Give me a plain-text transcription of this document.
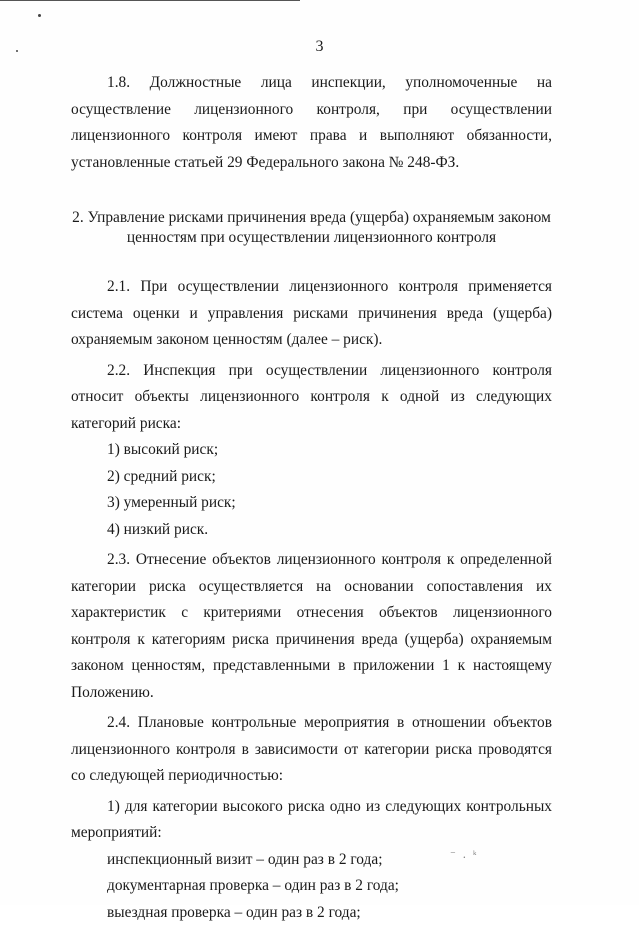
3

1.8. Должностные лица инспекции, уполномоченные на осуществление лицензионного контроля, при осуществлении лицензионного контроля имеют права и выполняют обязанности, установленные статьей 29 Федерального закона № 248-ФЗ.

2. Управление рисками причинения вреда (ущерба) охраняемым законом ценностям при осуществлении лицензионного контроля

2.1. При осуществлении лицензионного контроля применяется система оценки и управления рисками причинения вреда (ущерба) охраняемым законом ценностям (далее – риск).

2.2. Инспекция при осуществлении лицензионного контроля относит объекты лицензионного контроля к одной из следующих категорий риска:

1) высокий риск;

2) средний риск;

3) умеренный риск;

4) низкий риск.

2.3. Отнесение объектов лицензионного контроля к определенной категории риска осуществляется на основании сопоставления их характеристик с критериями отнесения объектов лицензионного контроля к категориям риска причинения вреда (ущерба) охраняемым законом ценностям, представленными в приложении 1 к настоящему Положению.

2.4. Плановые контрольные мероприятия в отношении объектов лицензионного контроля в зависимости от категории риска проводятся со следующей периодичностью:

1) для категории высокого риска одно из следующих контрольных мероприятий:

инспекционный визит – один раз в 2 года;

документарная проверка – один раз в 2 года;

выездная проверка – один раз в 2 года;

⁻ ․ ᵏ
